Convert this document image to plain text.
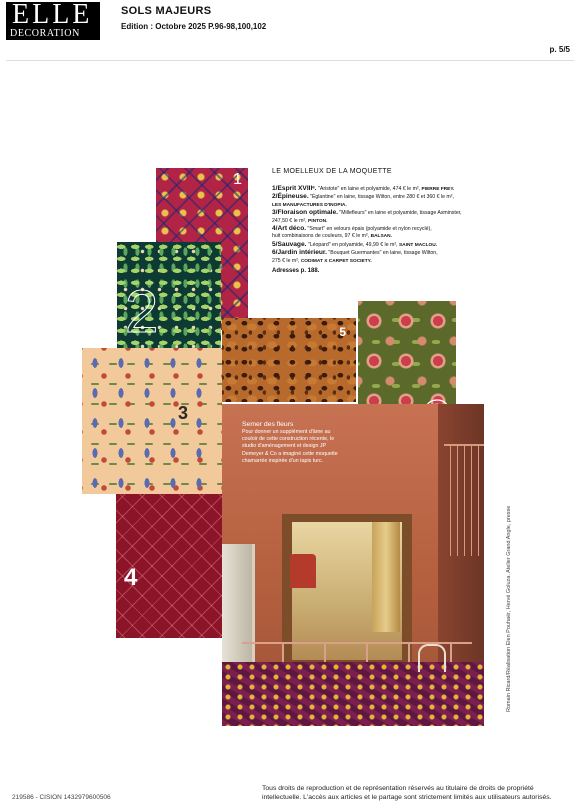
ELLE
DECORATION
SOLS MAJEURS
Edition : Octobre 2025 P.96-98,100,102
p. 5/5
1
2	5
3
4
Semer des fleurs
Pour donner un supplément d'âme au couloir de cette construction récente, le studio d'aménagement et design JP Demeyer & Co a imaginé cette moquette chamarrée inspirée d'un tapis turc.
LE MOELLEUX DE LA MOQUETTE
1/Esprit XVIIIᵉ. "Aristote" en laine et polyamide, 474 € le m², PIERRE FREY.
2/Épineuse. "Églantine" en laine, tissage Wilton, entre 280 € et 360 € le m²,
LES MANUFACTURES D'INOPIA.
3/Floraison optimale. "Millefleurs" en laine et polyamide, tissage Axminster,
247,50 € le m², PINTON.
4/Art déco. "Smart" en velours épais (polyamide et nylon recyclé),
huit combinaisons de couleurs, 97 € le m², BALSAN.
5/Sauvage. "Léopard" en polyamide, 49,99 € le m², SAINT MACLOU.
6/Jardin intérieur. "Bouquet Guermantes" en laine, tissage Wilton,
275 € le m², CODIMAT X CARPET SOCIETY.
Adresses p. 188.
Romain Ricard/Réalisation Elen Pouhaër, Hervé Goluza. Atelier Grand Angle, presse
219586 - CISION 1432979600506
Tous droits de reproduction et de représentation réservés au titulaire de droits de propriété intellectuelle. L'accès aux articles et le partage sont strictement limités aux utilisateurs autorisés.
